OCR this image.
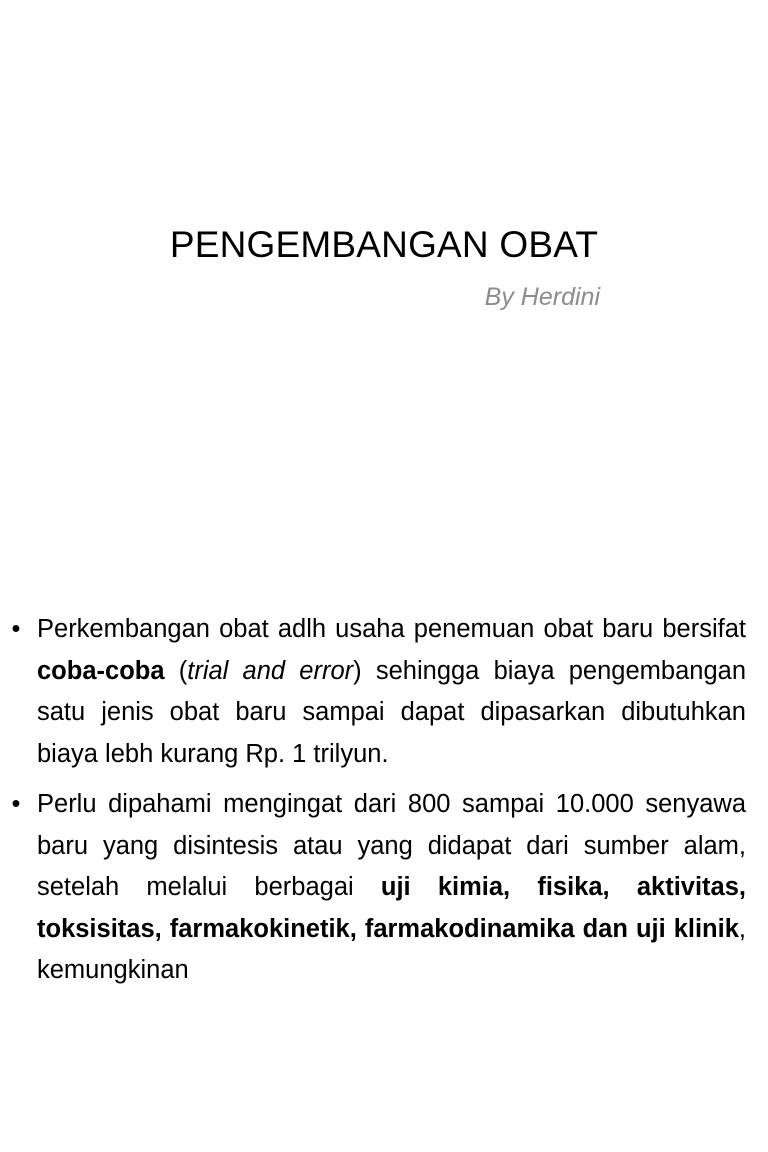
PENGEMBANGAN OBAT
By Herdini
• Perkembangan obat adlh usaha penemuan obat baru bersifat coba-coba (trial and error) sehingga biaya pengembangan satu jenis obat baru sampai dapat dipasarkan dibutuhkan biaya lebh kurang Rp. 1 trilyun.
• Perlu dipahami mengingat dari 800 sampai 10.000 senyawa baru yang disintesis atau yang didapat dari sumber alam, setelah melalui berbagai uji kimia, fisika, aktivitas, toksisitas, farmakokinetik, farmakodinamika dan uji klinik, kemungkinan
